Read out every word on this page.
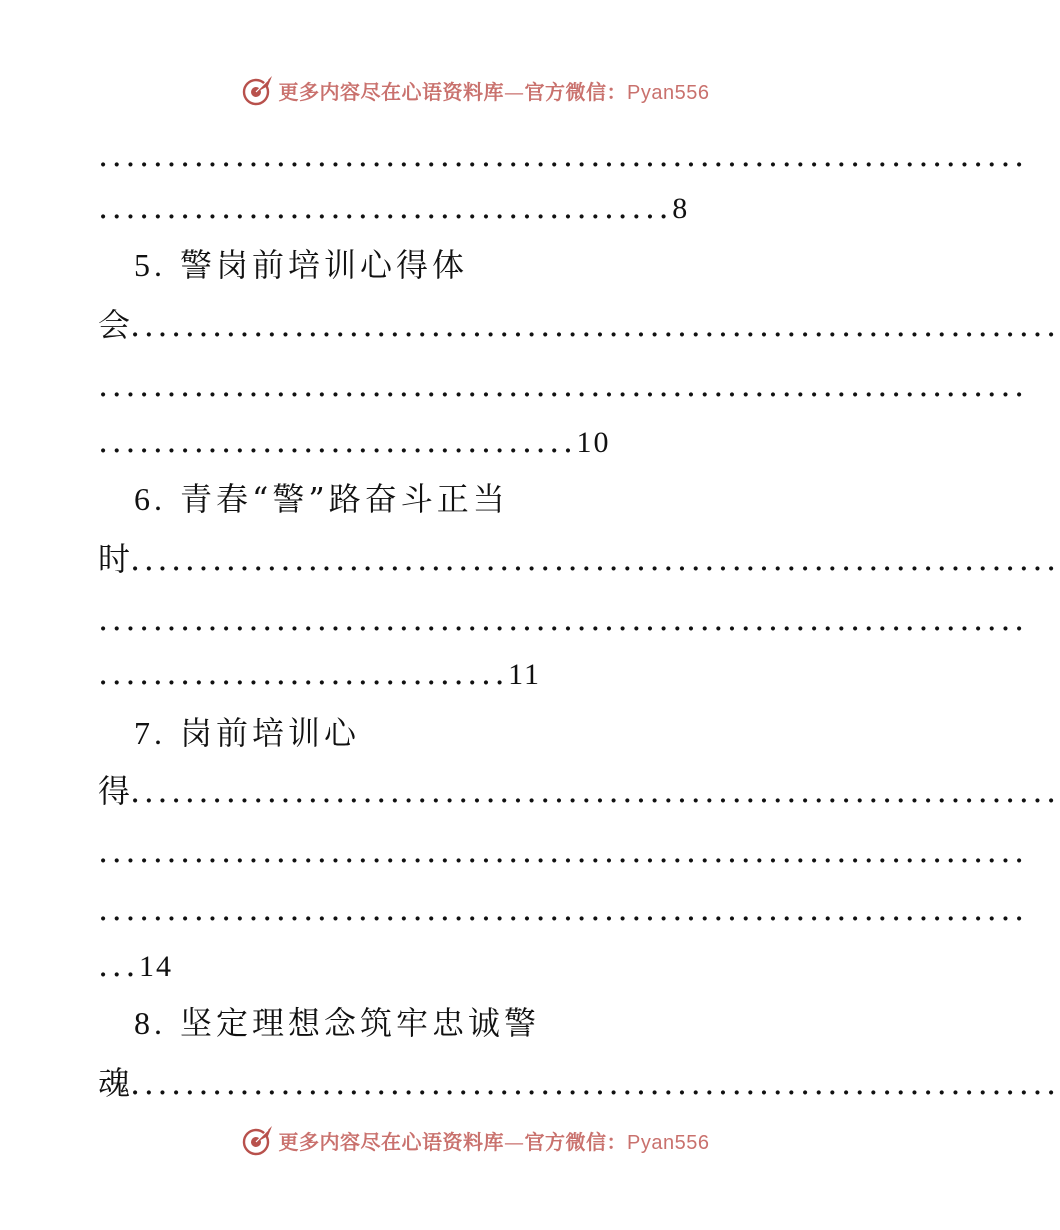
更多内容尽在心语资料库—官方微信：Pyan556
....................................................................
..........................................8
5. 警岗前培训心得体
会....................................................................
....................................................................
...................................10
6. 青春“警”路奋斗正当
时....................................................................
....................................................................
..............................11
7. 岗前培训心
得....................................................................
....................................................................
....................................................................
...14
8. 坚定理想念筑牢忠诚警
魂....................................................................
更多内容尽在心语资料库—官方微信：Pyan556
